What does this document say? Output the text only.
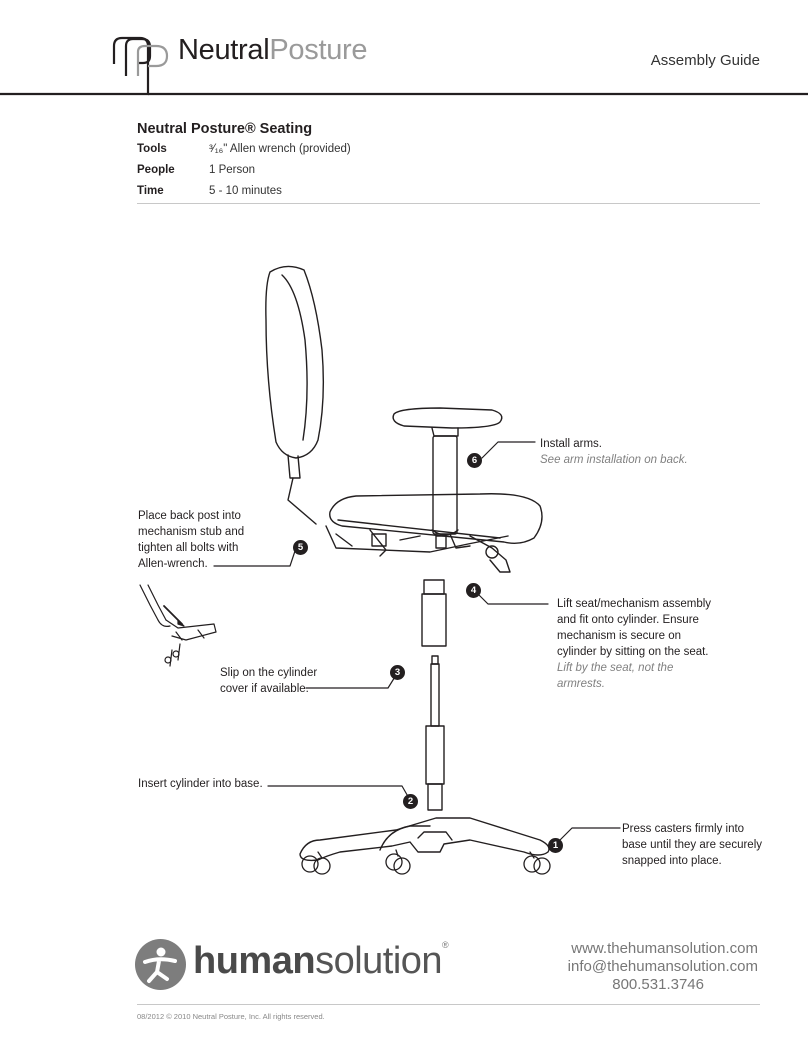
NeutralPosture	Assembly Guide
Neutral Posture® Seating
Tools	³⁄₁₆" Allen wrench (provided)
People	1 Person
Time	5 - 10 minutes
6
5
4
3
2
1
Install arms.
See arm installation on back.
Place back post into mechanism stub and tighten all bolts with Allen-wrench.
Lift seat/mechanism assembly and fit onto cylinder. Ensure mechanism is secure on cylinder by sitting on the seat.
Lift by the seat, not the armrests.
Slip on the cylinder cover if available.
Insert cylinder into base.
Press casters firmly into base until they are securely snapped into place.
humansolution®	www.thehumansolution.com
info@thehumansolution.com
800.531.3746
08/2012 © 2010 Neutral Posture, Inc. All rights reserved.
